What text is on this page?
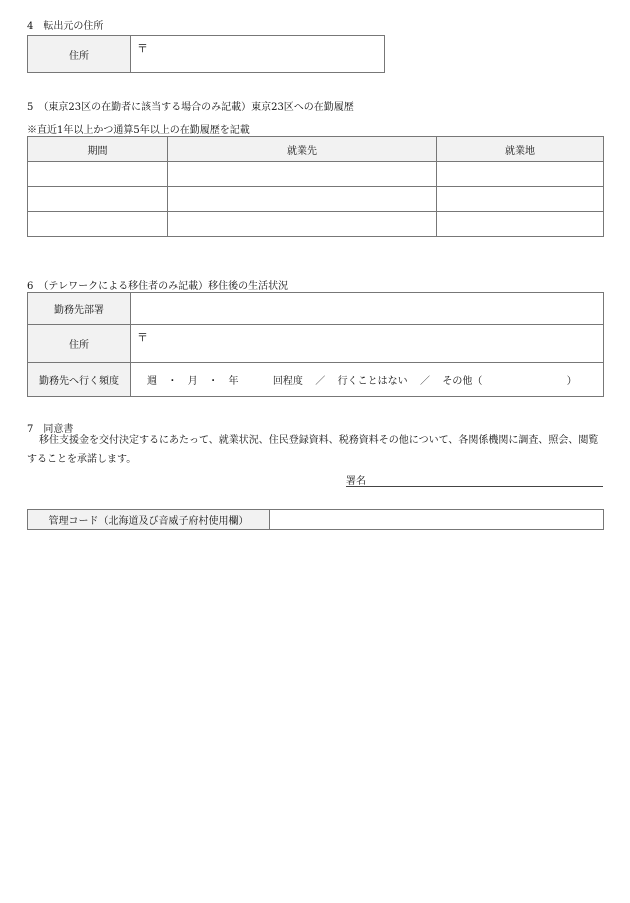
4　転出元の住所
住所	〒
5　（東京23区の在勤者に該当する場合のみ記載）東京23区への在勤履歴
※直近1年以上かつ通算5年以上の在勤履歴を記載
期間	就業先	就業地

6　（テレワークによる移住者のみ記載）移住後の生活状況
勤務先部署	
住所	〒
勤務先へ行く頻度	週 ・ 月 ・ 年 回程度 ／ 行くことはない ／ その他（ ）
7　同意書
移住支援金を交付決定するにあたって、就業状況、住民登録資料、税務資料その他について、各関係機関に調査、照会、閲覧することを承諾します。
署名
管理コード（北海道及び音威子府村使用欄）	
